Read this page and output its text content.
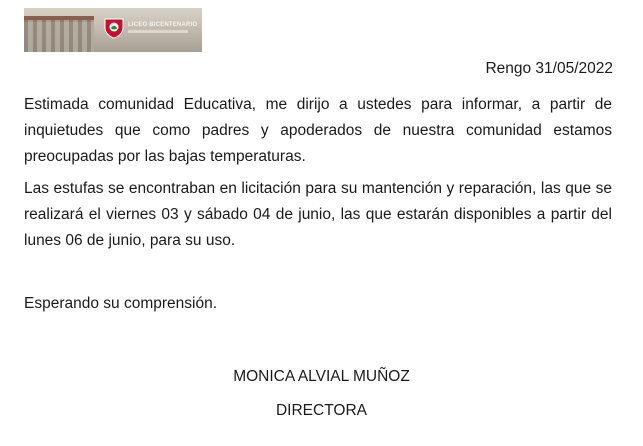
LICEO BICENTENARIO
Rengo 31/05/2022

Estimada comunidad Educativa, me dirijo a ustedes para informar, a partir de inquietudes que como padres y apoderados de nuestra comunidad estamos preocupadas por las bajas temperaturas.

Las estufas se encontraban en licitación para su mantención y reparación, las que se realizará el viernes 03 y sábado 04 de junio, las que estarán disponibles a partir del lunes 06 de junio, para su uso.

Esperando su comprensión.
MONICA ALVIAL MUÑOZ
DIRECTORA
